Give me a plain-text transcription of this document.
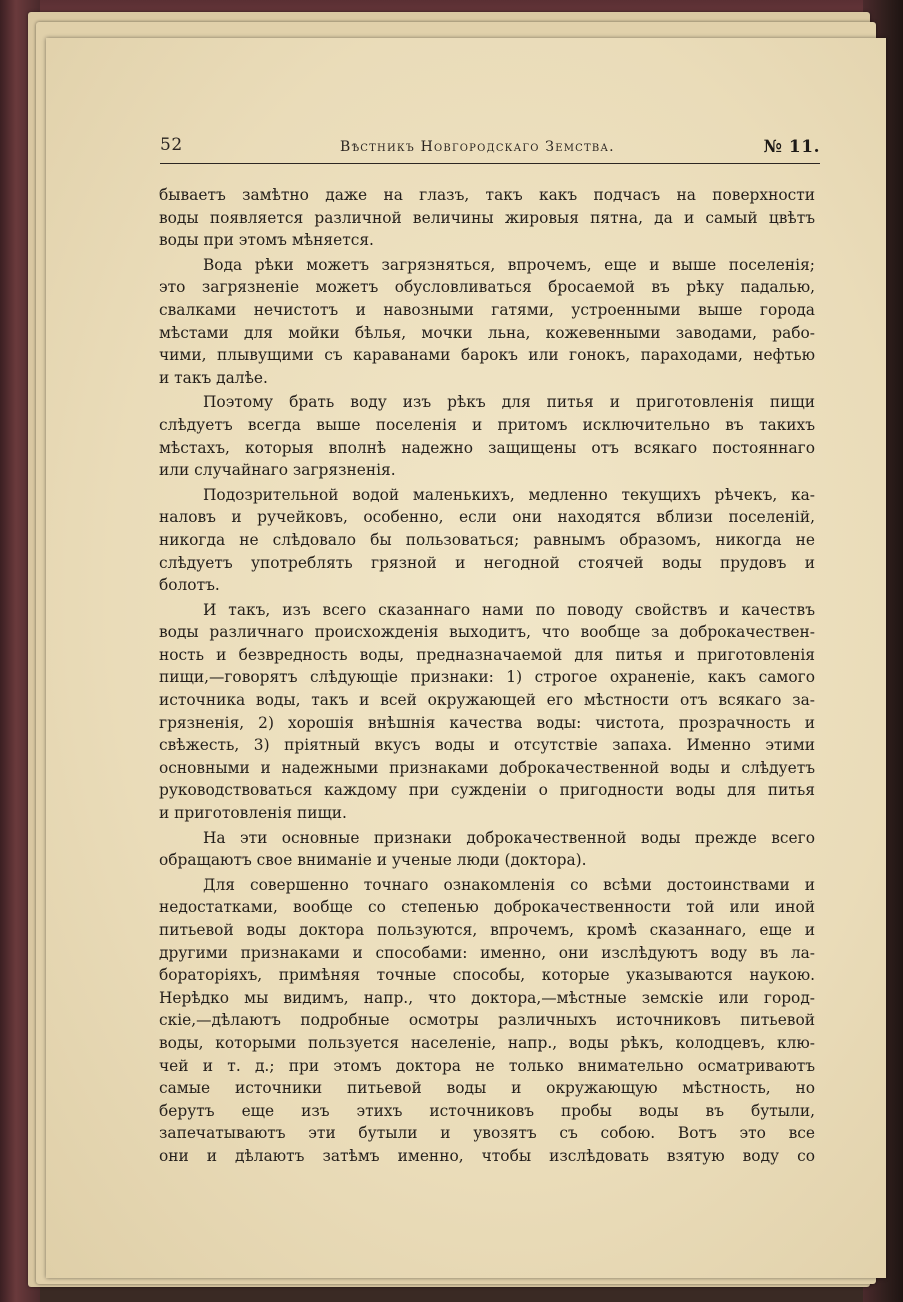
52	Вѣстникъ Новгородскаго Земства.	№ 11.
бываетъ замѣтно даже на глазъ, такъ какъ подчасъ на поверхности
воды появляется различной величины жировыя пятна, да и самый цвѣтъ
воды при этомъ мѣняется.
Вода рѣки можетъ загрязняться, впрочемъ, еще и выше поселенія;
это загрязненіе можетъ обусловливаться бросаемой въ рѣку падалью,
свалками нечистотъ и навозными гатями, устроенными выше города
мѣстами для мойки бѣлья, мочки льна, кожевенными заводами, рабо-
чими, плывущими съ караванами барокъ или гонокъ, параходами, нефтью
и такъ далѣе.
Поэтому брать воду изъ рѣкъ для питья и приготовленія пищи
слѣдуетъ всегда выше поселенія и притомъ исключительно въ такихъ
мѣстахъ, которыя вполнѣ надежно защищены отъ всякаго постояннаго
или случайнаго загрязненія.
Подозрительной водой маленькихъ, медленно текущихъ рѣчекъ, ка-
наловъ и ручейковъ, особенно, если они находятся вблизи поселеній,
никогда не слѣдовало бы пользоваться; равнымъ образомъ, никогда не
слѣдуетъ употреблять грязной и негодной стоячей воды прудовъ и
болотъ.
И такъ, изъ всего сказаннаго нами по поводу свойствъ и качествъ
воды различнаго происхожденія выходитъ, что вообще за доброкачествен-
ность и безвредность воды, предназначаемой для питья и приготовленія
пищи,—говорятъ слѣдующіе признаки: 1) строгое охраненіе, какъ самого
источника воды, такъ и всей окружающей его мѣстности отъ всякаго за-
грязненія, 2) хорошія внѣшнія качества воды: чистота, прозрачность и
свѣжесть, 3) пріятный вкусъ воды и отсутствіе запаха. Именно этими
основными и надежными признаками доброкачественной воды и слѣдуетъ
руководствоваться каждому при сужденіи о пригодности воды для питья
и приготовленія пищи.
На эти основные признаки доброкачественной воды прежде всего
обращаютъ свое вниманіе и ученые люди (доктора).
Для совершенно точнаго ознакомленія со всѣми достоинствами и
недостатками, вообще со степенью доброкачественности той или иной
питьевой воды доктора пользуются, впрочемъ, кромѣ сказаннаго, еще и
другими признаками и способами: именно, они изслѣдуютъ воду въ ла-
бораторіяхъ, примѣняя точные способы, которые указываются наукою.
Нерѣдко мы видимъ, напр., что доктора,—мѣстные земскіе или город-
скіе,—дѣлаютъ подробные осмотры различныхъ источниковъ питьевой
воды, которыми пользуется населеніе, напр., воды рѣкъ, колодцевъ, клю-
чей и т. д.; при этомъ доктора не только внимательно осматриваютъ
самые источники питьевой воды и окружающую мѣстность, но
берутъ еще изъ этихъ источниковъ пробы воды въ бутыли,
запечатываютъ эти бутыли и увозятъ съ собою. Вотъ это все
они и дѣлаютъ затѣмъ именно, чтобы изслѣдовать взятую воду со
